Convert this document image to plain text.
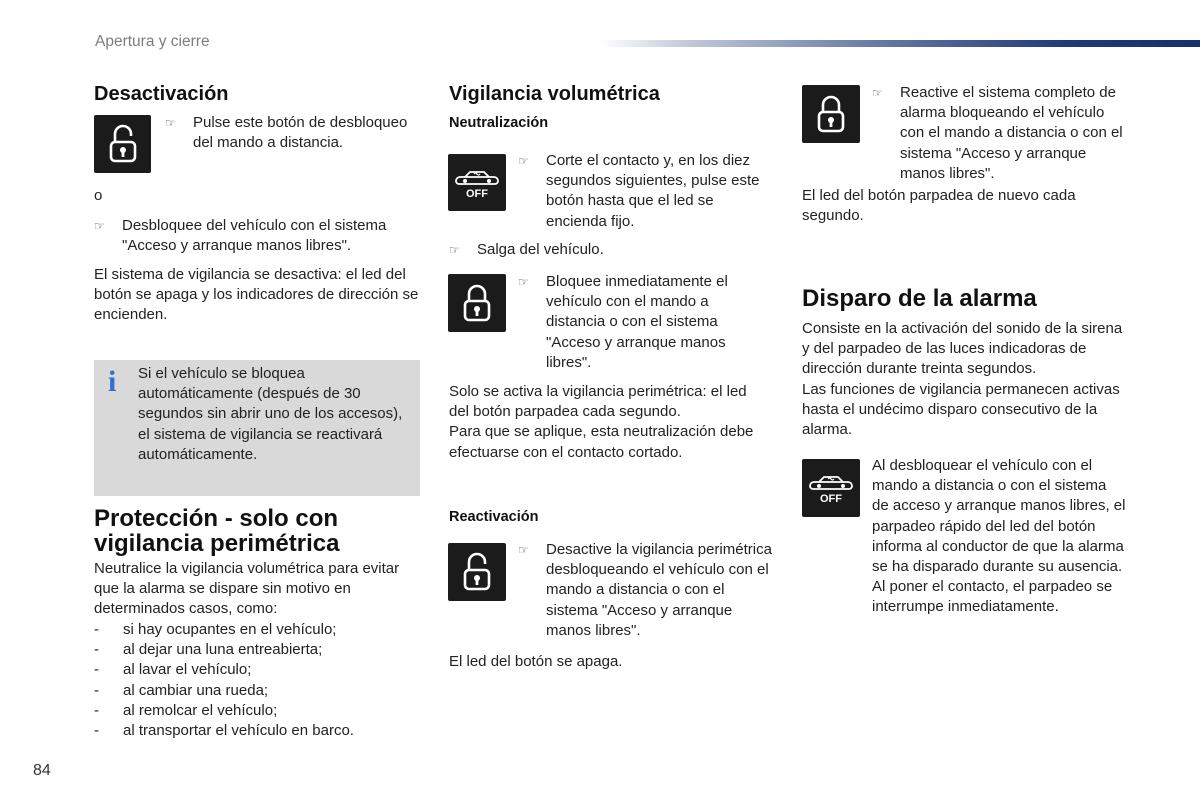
Apertura y cierre
Desactivación
☞	Pulse este botón de desbloqueo del mando a distancia.
o
☞	Desbloquee del vehículo con el sistema "Acceso y arranque manos libres".
El sistema de vigilancia se desactiva: el led del botón se apaga y los indicadores de dirección se encienden.
i Si el vehículo se bloquea automáticamente (después de 30 segundos sin abrir uno de los accesos), el sistema de vigilancia se reactivará automáticamente.
Protección - solo con
vigilancia perimétrica
Neutralice la vigilancia volumétrica para evitar que la alarma se dispare sin motivo en determinados casos, como:
-	si hay ocupantes en el vehículo;
-	al dejar una luna entreabierta;
-	al lavar el vehículo;
-	al cambiar una rueda;
-	al remolcar el vehículo;
-	al transportar el vehículo en barco.
Vigilancia volumétrica
Neutralización
OFF
☞	Corte el contacto y, en los diez segundos siguientes, pulse este botón hasta que el led se encienda fijo.
☞	Salga del vehículo.
☞	Bloquee inmediatamente el vehículo con el mando a distancia o con el sistema "Acceso y arranque manos libres".

Solo se activa la vigilancia perimétrica: el led del botón parpadea cada segundo.

Para que se aplique, esta neutralización debe efectuarse con el contacto cortado.

Reactivación
☞	Desactive la vigilancia perimétrica desbloqueando el vehículo con el mando a distancia o con el sistema "Acceso y arranque manos libres".
El led del botón se apaga.
☞	Reactive el sistema completo de alarma bloqueando el vehículo con el mando a distancia o con el sistema "Acceso y arranque manos libres".
El led del botón parpadea de nuevo cada segundo.
Disparo de la alarma

Consiste en la activación del sonido de la sirena y del parpadeo de las luces indicadoras de dirección durante treinta segundos.

Las funciones de vigilancia permanecen activas hasta el undécimo disparo consecutivo de la alarma.

OFF

Al desbloquear el vehículo con el mando a distancia o con el sistema de acceso y arranque manos libres, el parpadeo rápido del led del botón informa al conductor de que la alarma se ha disparado durante su ausencia.

Al poner el contacto, el parpadeo se interrumpe inmediatamente.

84
